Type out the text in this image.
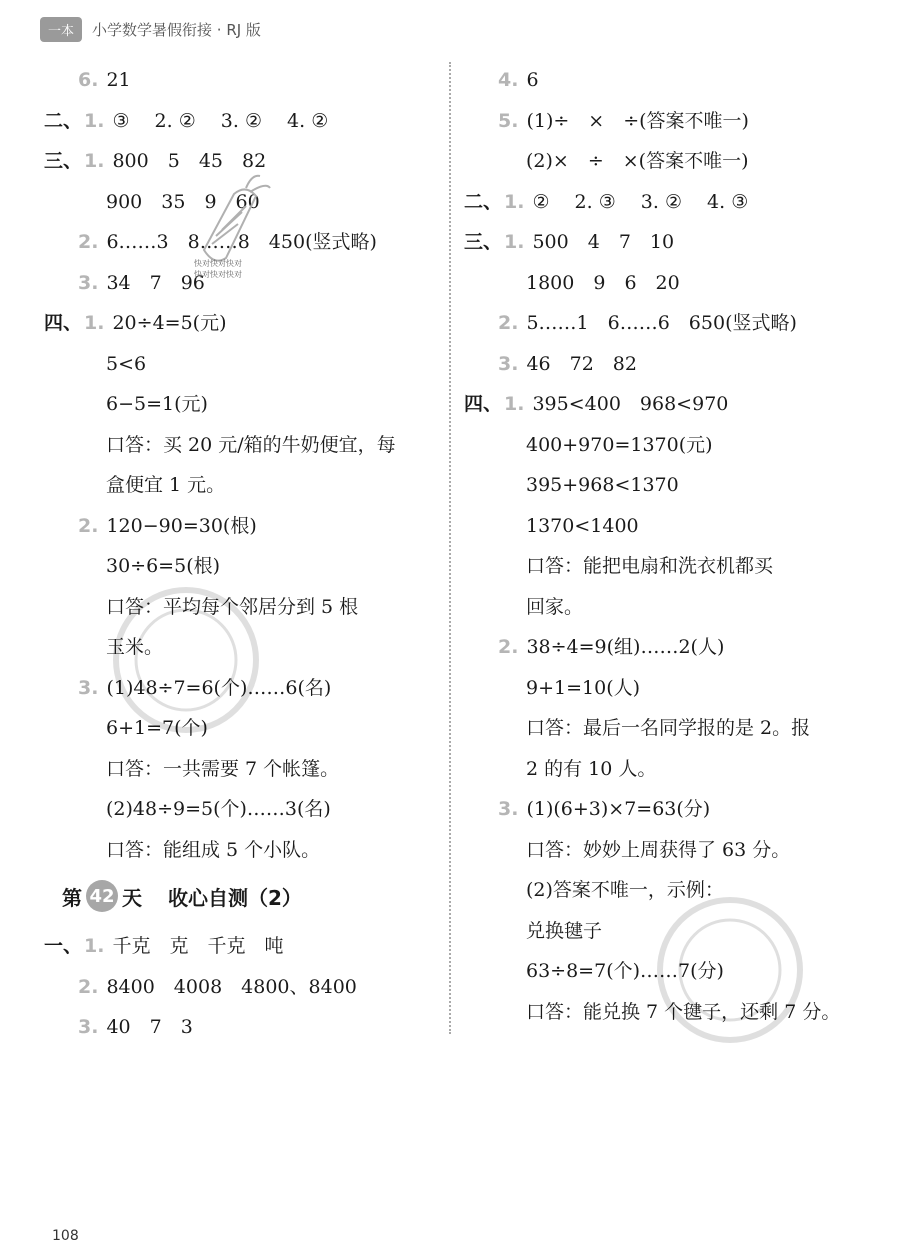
一本	小学数学暑假衔接 · RJ 版
6. 21
二、 1. ③　 2. ②　 3. ②　 4. ②
三、 1. 800　5　45　82
900　35　9　60
2. 6……3　8……8　450(竖式略)
3. 34　7　96
四、 1. 20÷4=5(元)
5<6
6−5=1(元)
口答：买 20 元/箱的牛奶便宜，每
盒便宜 1 元。
2. 120−90=30(根)
30÷6=5(根)
口答：平均每个邻居分到 5 根
玉米。
3. (1)48÷7=6(个)……6(名)
6+1=7(个)
口答：一共需要 7 个帐篷。
(2)48÷9=5(个)……3(名)
口答：能组成 5 个小队。
第 42 天 收心自测（2）
一、 1. 千克　克　千克　吨
2. 8400　4008　4800、8400
3. 40　7　3
4. 6
5. (1)÷　×　÷(答案不唯一)
(2)×　÷　×(答案不唯一)
二、 1. ②　 2. ③　 3. ②　 4. ③
三、 1. 500　4　7　10
1800　9　6　20
2. 5……1　6……6　650(竖式略)
3. 46　72　82
四、 1. 395<400　968<970
400+970=1370(元)
395+968<1370
1370<1400
口答：能把电扇和洗衣机都买
回家。
2. 38÷4=9(组)……2(人)
9+1=10(人)
口答：最后一名同学报的是 2。报
2 的有 10 人。
3. (1)(6+3)×7=63(分)
口答：妙妙上周获得了 63 分。
(2)答案不唯一，示例：
兑换毽子
63÷8=7(个)……7(分)
口答：能兑换 7 个毽子，还剩 7 分。
快对快对快对
快对快对快对
108
